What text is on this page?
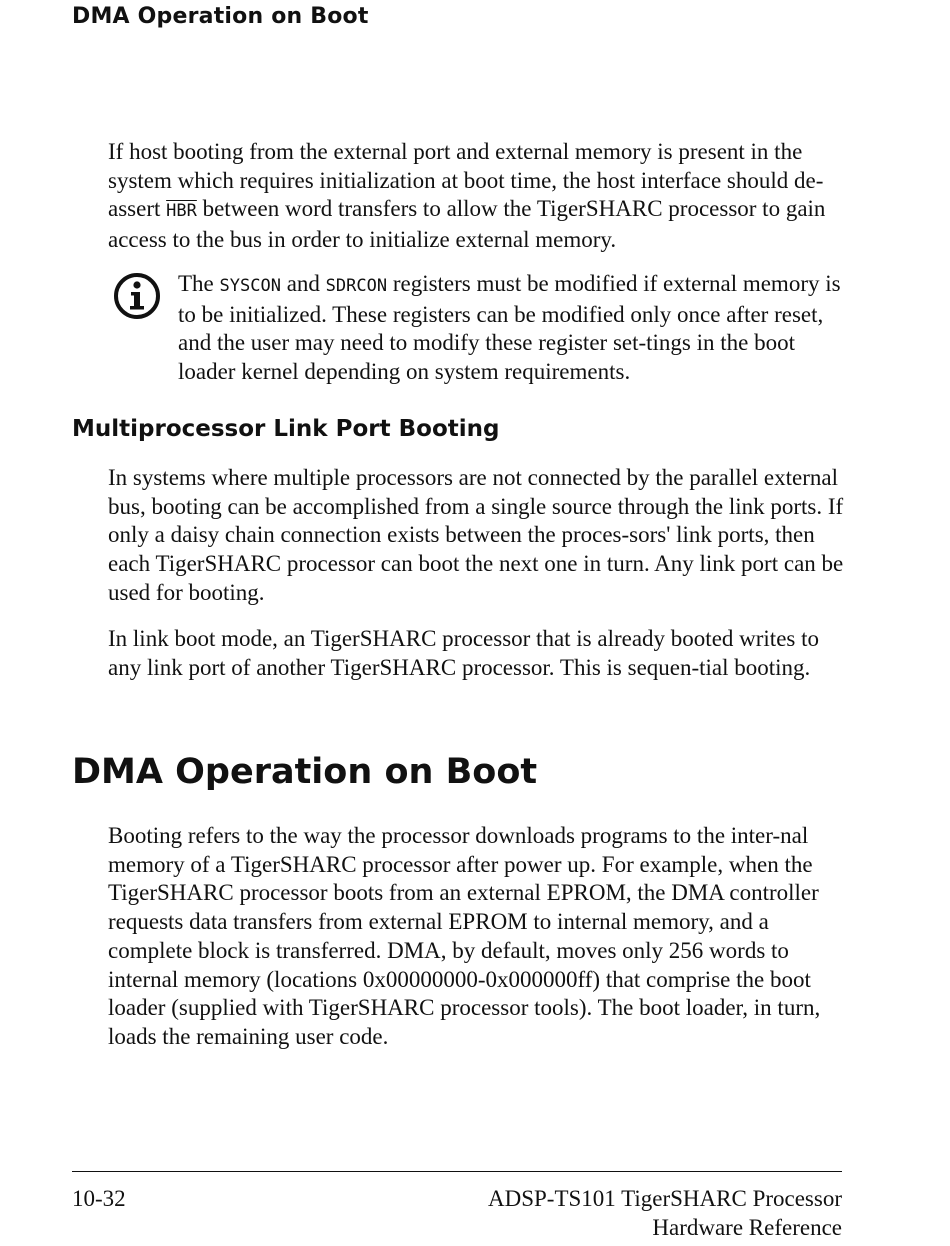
DMA Operation on Boot

If host booting from the external port and external memory is present in the system which requires initialization at boot time, the host interface should de-assert $\overline{HBR}$ between word transfers to allow the TigerSHARC processor to gain access to the bus in order to initialize external memory.

The SYSCON and SDRCON registers must be modified if external memory is to be initialized. These registers can be modified only once after reset, and the user may need to modify these register set-tings in the boot loader kernel depending on system requirements.

Multiprocessor Link Port Booting

In systems where multiple processors are not connected by the parallel external bus, booting can be accomplished from a single source through the link ports. If only a daisy chain connection exists between the proces-sors' link ports, then each TigerSHARC processor can boot the next one in turn. Any link port can be used for booting.

In link boot mode, an TigerSHARC processor that is already booted writes to any link port of another TigerSHARC processor. This is sequen-tial booting.

DMA Operation on Boot

Booting refers to the way the processor downloads programs to the inter-nal memory of a TigerSHARC processor after power up. For example, when the TigerSHARC processor boots from an external EPROM, the DMA controller requests data transfers from external EPROM to internal memory, and a complete block is transferred. DMA, by default, moves only 256 words to internal memory (locations 0x00000000-0x000000ff) that comprise the boot loader (supplied with TigerSHARC processor tools). The boot loader, in turn, loads the remaining user code.

10-32	ADSP-TS101 TigerSHARC Processor
Hardware Reference
